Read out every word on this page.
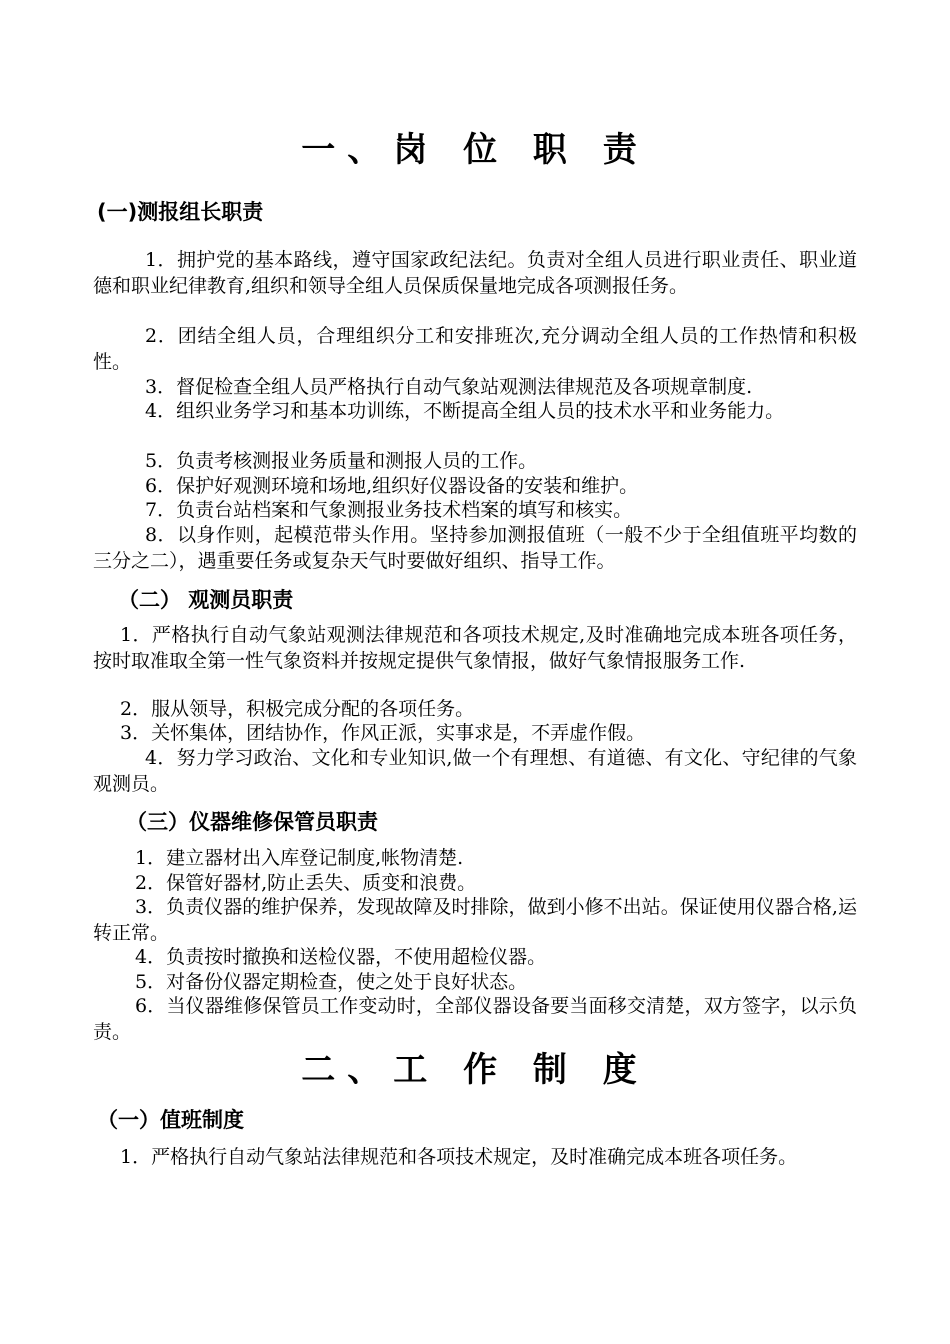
一、岗 位 职 责
(一)测报组长职责
1．拥护党的基本路线，遵守国家政纪法纪。负责对全组人员进行职业责任、职业道德和职业纪律教育,组织和领导全组人员保质保量地完成各项测报任务。
2．团结全组人员，合理组织分工和安排班次,充分调动全组人员的工作热情和积极性。
3．督促检查全组人员严格执行自动气象站观测法律规范及各项规章制度.
4．组织业务学习和基本功训练，不断提高全组人员的技术水平和业务能力。
5．负责考核测报业务质量和测报人员的工作。
6．保护好观测环境和场地,组织好仪器设备的安装和维护。
7．负责台站档案和气象测报业务技术档案的填写和核实。
8．以身作则，起模范带头作用。坚持参加测报值班（一般不少于全组值班平均数的三分之二），遇重要任务或复杂天气时要做好组织、指导工作。
（二） 观测员职责
1．严格执行自动气象站观测法律规范和各项技术规定,及时准确地完成本班各项任务，按时取准取全第一性气象资料并按规定提供气象情报，做好气象情报服务工作.
2．服从领导，积极完成分配的各项任务。
3．关怀集体，团结协作，作风正派，实事求是，不弄虚作假。
4．努力学习政治、文化和专业知识,做一个有理想、有道德、有文化、守纪律的气象观测员。
（三）仪器维修保管员职责
1．建立器材出入库登记制度,帐物清楚.
2．保管好器材,防止丢失、质变和浪费。
3．负责仪器的维护保养，发现故障及时排除，做到小修不出站。保证使用仪器合格,运转正常。
4．负责按时撤换和送检仪器，不使用超检仪器。
5．对备份仪器定期检查，使之处于良好状态。
6．当仪器维修保管员工作变动时，全部仪器设备要当面移交清楚，双方签字，以示负责。
二、工 作 制 度
（一）值班制度
1．严格执行自动气象站法律规范和各项技术规定，及时准确完成本班各项任务。
